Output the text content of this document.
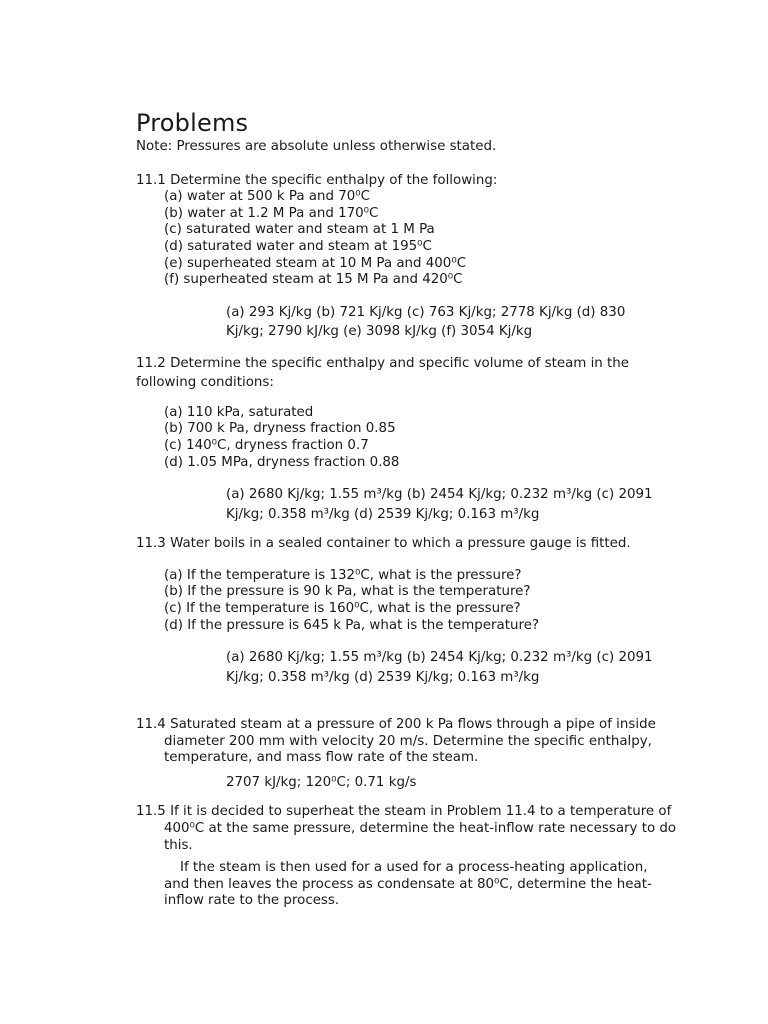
Problems

Note: Pressures are absolute unless otherwise stated.

11.1 Determine the specific enthalpy of the following:

(a) water at 500 k Pa and 70⁰C
(b) water at 1.2 M Pa and 170⁰C
(c) saturated water and steam at 1 M Pa
(d) saturated water and steam at 195⁰C
(e) superheated steam at 10 M Pa and 400⁰C
(f) superheated steam at 15 M Pa and 420⁰C

(a) 293 Kj/kg (b) 721 Kj/kg (c) 763 Kj/kg; 2778 Kj/kg (d) 830 Kj/kg; 2790 kJ/kg (e) 3098 kJ/kg (f) 3054 Kj/kg

11.2 Determine the specific enthalpy and specific volume of steam in the following conditions:

(a) 110 kPa, saturated
(b) 700 k Pa, dryness fraction 0.85
(c) 140⁰C, dryness fraction 0.7
(d) 1.05 MPa, dryness fraction 0.88

(a) 2680 Kj/kg; 1.55 m³/kg (b) 2454 Kj/kg; 0.232 m³/kg (c) 2091 Kj/kg; 0.358 m³/kg (d) 2539 Kj/kg; 0.163 m³/kg

11.3 Water boils in a sealed container to which a pressure gauge is fitted.

(a) If the temperature is 132⁰C, what is the pressure?
(b) If the pressure is 90 k Pa, what is the temperature?
(c) If the temperature is 160⁰C, what is the pressure?
(d) If the pressure is 645 k Pa, what is the temperature?

(a) 2680 Kj/kg; 1.55 m³/kg (b) 2454 Kj/kg; 0.232 m³/kg (c) 2091 Kj/kg; 0.358 m³/kg (d) 2539 Kj/kg; 0.163 m³/kg

11.4 Saturated steam at a pressure of 200 k Pa flows through a pipe of inside diameter 200 mm with velocity 20 m/s. Determine the specific enthalpy, temperature, and mass flow rate of the steam.

2707 kJ/kg; 120⁰C; 0.71 kg/s

11.5 If it is decided to superheat the steam in Problem 11.4 to a temperature of 400⁰C at the same pressure, determine the heat-inflow rate necessary to do this.

If the steam is then used for a used for a process-heating application, and then leaves the process as condensate at 80⁰C, determine the heat-inflow rate to the process.
